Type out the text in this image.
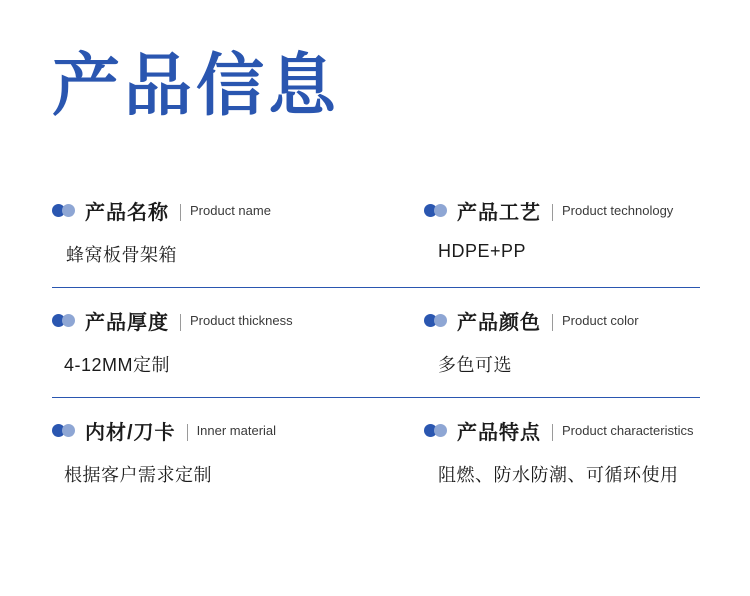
产品信息
产品名称 Product name
蜂窝板骨架箱
产品工艺 Product technology
HDPE+PP
产品厚度 Product thickness
4-12MM定制
产品颜色 Product color
多色可选
内材/刀卡 Inner material
根据客户需求定制
产品特点 Product characteristics
阻燃、防水防潮、可循环使用
